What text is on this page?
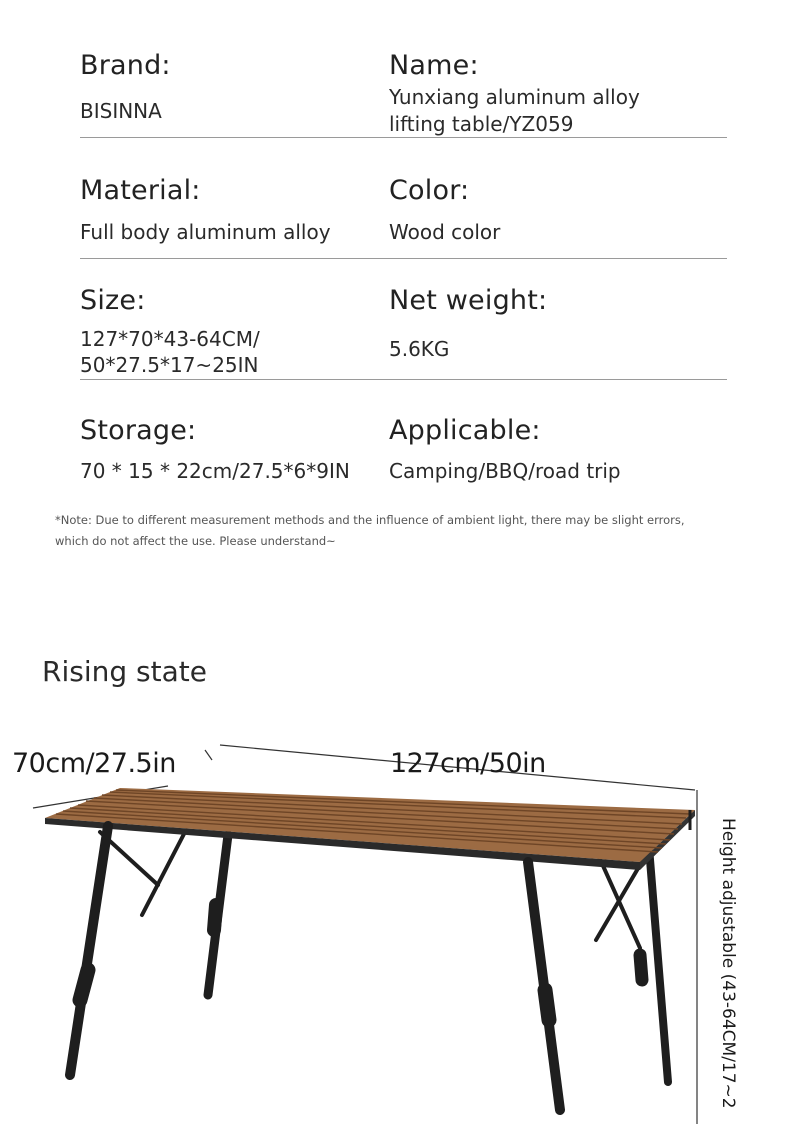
Brand:
BISINNA
Name:
Yunxiang aluminum alloy
lifting table/YZ059
Material:
Full body aluminum alloy
Color:
Wood color
Size:
127*70*43-64CM/
50*27.5*17~25IN
Net weight:
5.6KG
Storage:
70 * 15 * 22cm/27.5*6*9IN
Applicable:
Camping/BBQ/road trip
*Note: Due to different measurement methods and the influence of ambient light, there may be slight errors,
which do not affect the use. Please understand~
Rising state
70cm/27.5in	127cm/50in
Height adjustable (43-64CM/17~2
